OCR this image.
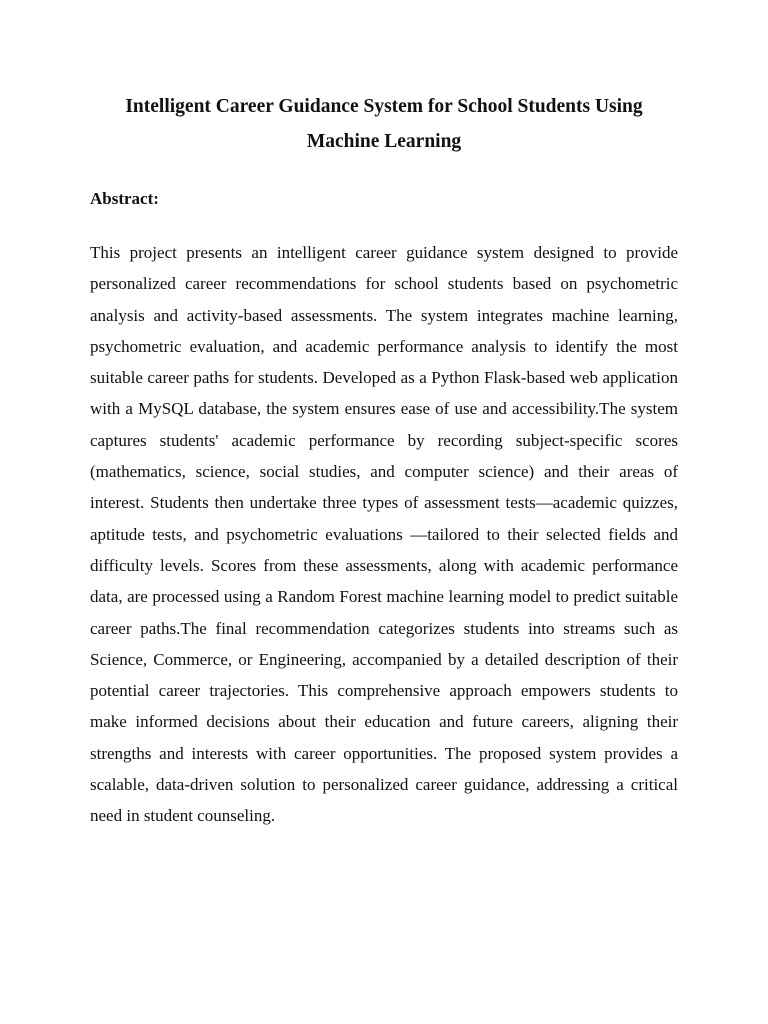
Intelligent Career Guidance System for School Students Using Machine Learning
Abstract:

This project presents an intelligent career guidance system designed to provide personalized career recommendations for school students based on psychometric analysis and activity-based assessments. The system integrates machine learning, psychometric evaluation, and academic performance analysis to identify the most suitable career paths for students. Developed as a Python Flask-based web application with a MySQL database, the system ensures ease of use and accessibility.The system captures students' academic performance by recording subject-specific scores (mathematics, science, social studies, and computer science) and their areas of interest. Students then undertake three types of assessment tests—academic quizzes, aptitude tests, and psychometric evaluations —tailored to their selected fields and difficulty levels. Scores from these assessments, along with academic performance data, are processed using a Random Forest machine learning model to predict suitable career paths.The final recommendation categorizes students into streams such as Science, Commerce, or Engineering, accompanied by a detailed description of their potential career trajectories. This comprehensive approach empowers students to make informed decisions about their education and future careers, aligning their strengths and interests with career opportunities. The proposed system provides a scalable, data-driven solution to personalized career guidance, addressing a critical need in student counseling.
